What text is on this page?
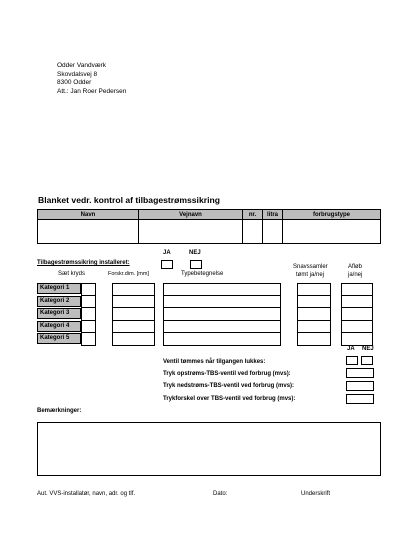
Odder Vandværk
Skovdalsvej 8
8300 Odder
Att.: Jan Roer Pedersen
Blanket vedr. kontrol af tilbagestrømssikring
Navn	Vejnavn	nr.	litra	forbrugstype

JA	NEJ
Tilbagestrømssikring installeret:
Sæt kryds	Forskr.dim. [mm]	Typebetegnelse
Snavssamler
tømt ja/nej
Afløb
ja/nej
Kategori 1
Kategori 2
Kategori 3
Kategori 4
Kategori 5
JA NEJ
Ventil tømmes når tilgangen lukkes:
Tryk opstrøms-TBS-ventil ved forbrug (mvs):
Tryk nedstrøms-TBS-ventil ved forbrug (mvs):
Trykforskel over TBS-ventil ved forbrug (mvs):
Bemærkninger:
Aut. VVS-installatør, navn, adr. og tlf.	Dato:	Underskrift
